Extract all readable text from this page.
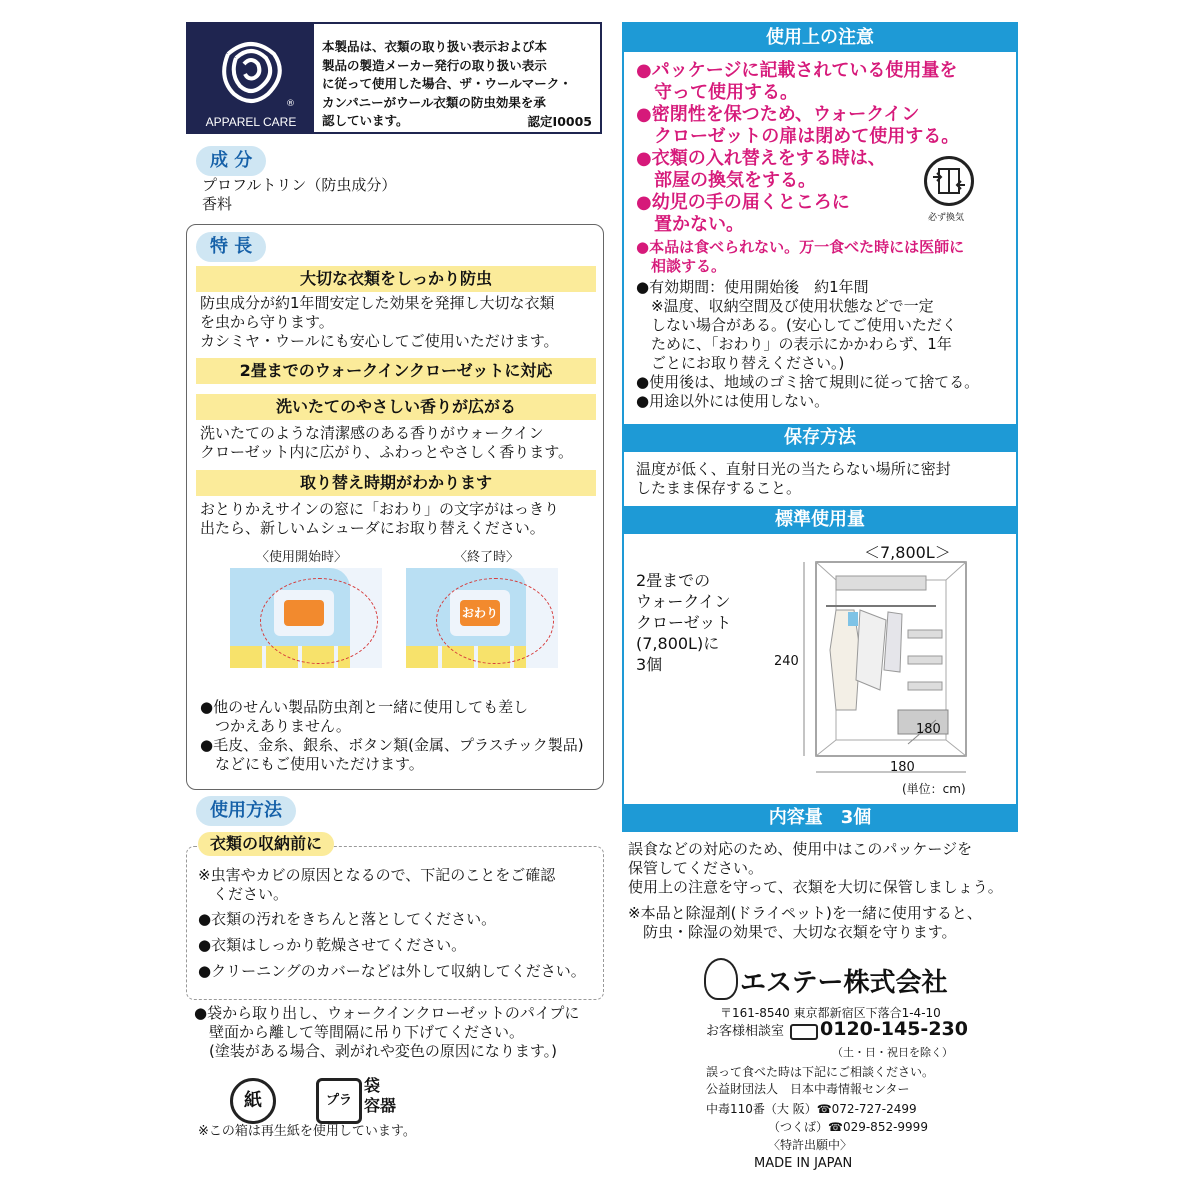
®
APPAREL CARE
本製品は、衣類の取り扱い表示および本
製品の製造メーカー発行の取り扱い表示
に従って使用した場合、ザ・ウールマーク・
カンパニーがウール衣類の防虫効果を承
認しています。	認定Ⅰ0005
成 分
プロフルトリン（防虫成分）
香料
特 長
大切な衣類をしっかり防虫
防虫成分が約1年間安定した効果を発揮し大切な衣類
を虫から守ります。
カシミヤ・ウールにも安心してご使用いただけます。
2畳までのウォークインクローゼットに対応
洗いたてのやさしい香りが広がる
洗いたてのような清潔感のある香りがウォークイン
クローゼット内に広がり、ふわっとやさしく香ります。
取り替え時期がわかります
おとりかえサインの窓に「おわり」の文字がはっきり
出たら、新しいムシューダにお取り替えください。
〈使用開始時〉	〈終了時〉
おわり
●他のせんい製品防虫剤と一緒に使用しても差し
　つかえありません。
●毛皮、金糸、銀糸、ボタン類(金属、プラスチック製品)
　などにもご使用いただけます。
使用方法
衣類の収納前に
※虫害やカビの原因となるので、下記のことをご確認
　ください。
●衣類の汚れをきちんと落としてください。
●衣類はしっかり乾燥させてください。
●クリーニングのカバーなどは外して収納してください。
●袋から取り出し、ウォークインクローゼットのパイプに
　壁面から離して等間隔に吊り下げてください。
　(塗装がある場合、剥がれや変色の原因になります。)
紙	プラ
袋
容器
※この箱は再生紙を使用しています。
使用上の注意
●パッケージに記載されている使用量を
　守って使用する。
●密閉性を保つため、ウォークイン
　クローゼットの扉は閉めて使用する。
●衣類の入れ替えをする時は、
　部屋の換気をする。
●幼児の手の届くところに
　置かない。	必ず換気
●本品は食べられない。万一食べた時には医師に
　相談する。
●有効期間：使用開始後　約1年間
　※温度、収納空間及び使用状態などで一定
　しない場合がある。(安心してご使用いただく
　ために、「おわり」の表示にかかわらず、1年
　ごとにお取り替えください。)
●使用後は、地域のゴミ捨て規則に従って捨てる。
●用途以外には使用しない。
保存方法
温度が低く、直射日光の当たらない場所に密封
したまま保存すること。
標準使用量
＜7,800L＞
2畳までの
ウォークイン
クローゼット
(7,800L)に
3個	240
180
180
(単位：cm)
内容量　3個
誤食などの対応のため、使用中はこのパッケージを
保管してください。
使用上の注意を守って、衣類を大切に保管しましょう。
※本品と除湿剤(ドライペット)を一緒に使用すると、
　防虫・除湿の効果で、大切な衣類を守ります。
エステー株式会社
〒161-8540 東京都新宿区下落合1-4-10
お客様相談室 0120-145-230
（土・日・祝日を除く）
誤って食べた時は下記にご相談ください。
公益財団法人　日本中毒情報センター
中毒110番（大 阪）☎072-727-2499
（つくば）☎029-852-9999
〈特許出願中〉
MADE IN JAPAN
